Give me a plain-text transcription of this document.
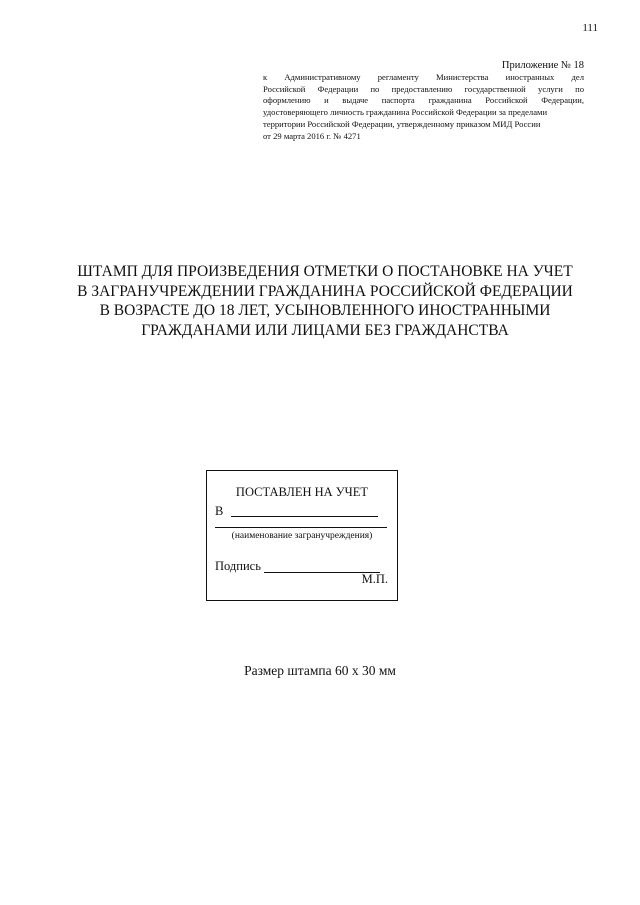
111
Приложение № 18
к Административному регламенту Министерства иностранных дел
Российской Федерации по предоставлению государственной услуги по
оформлению и выдаче паспорта гражданина Российской Федерации,
удостоверяющего личность гражданина Российской Федерации за пределами
территории Российской Федерации, утвержденному приказом МИД России
от 29 марта 2016 г. № 4271
ШТАМП ДЛЯ ПРОИЗВЕДЕНИЯ ОТМЕТКИ О ПОСТАНОВКЕ НА УЧЕТ
В ЗАГРАНУЧРЕЖДЕНИИ ГРАЖДАНИНА РОССИЙСКОЙ ФЕДЕРАЦИИ
В ВОЗРАСТЕ ДО 18 ЛЕТ, УСЫНОВЛЕННОГО ИНОСТРАННЫМИ
ГРАЖДАНАМИ ИЛИ ЛИЦАМИ БЕЗ ГРАЖДАНСТВА
ПОСТАВЛЕН НА УЧЕТ
В
(наименование загранучреждения)
Подпись
М.П.
Размер штампа 60 х 30 мм
